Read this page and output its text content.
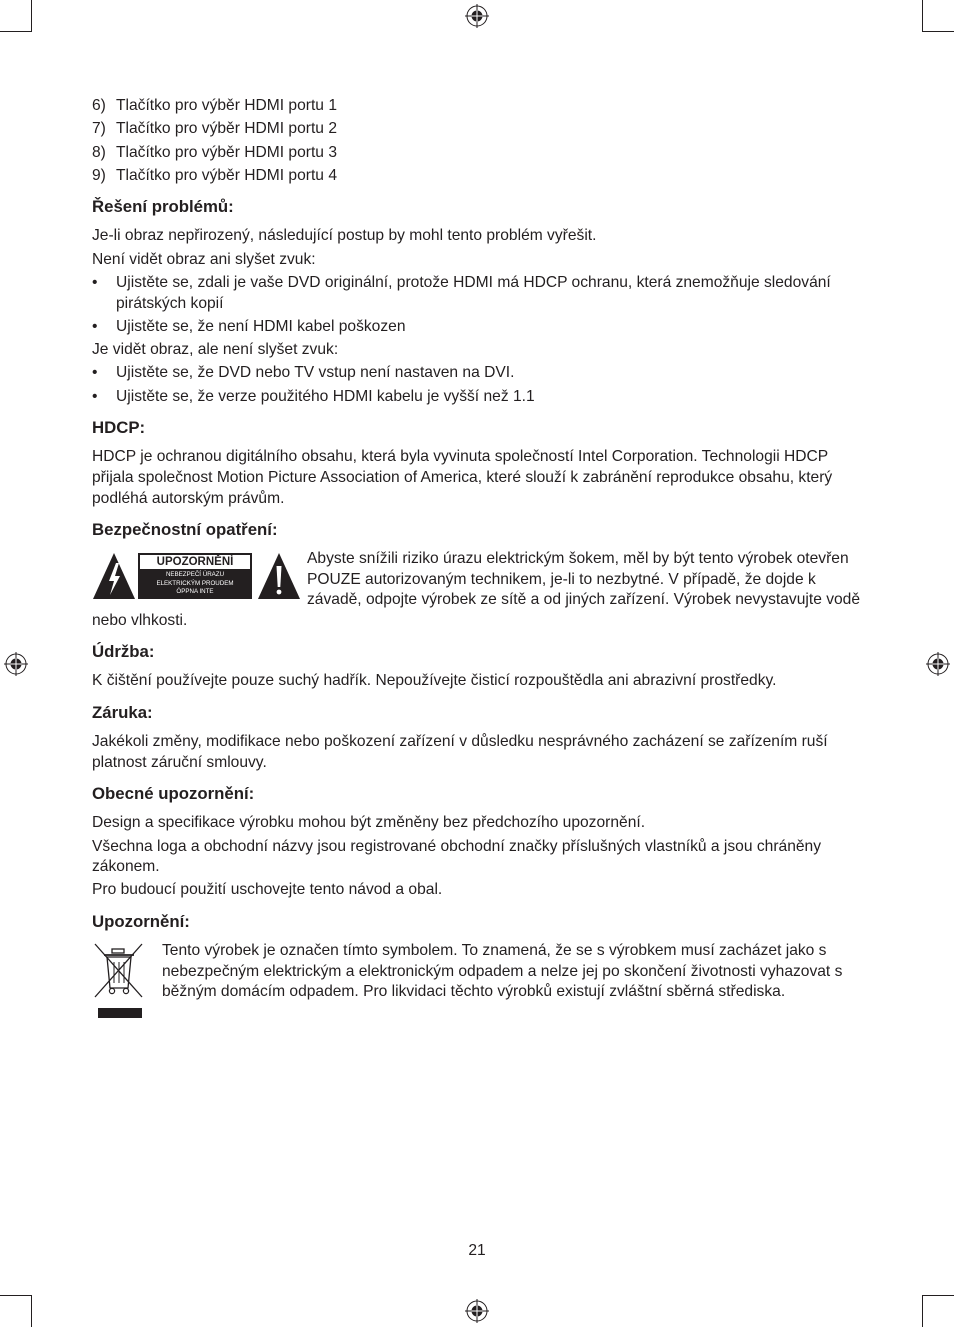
6) Tlačítko pro výběr HDMI portu 1
7) Tlačítko pro výběr HDMI portu 2
8) Tlačítko pro výběr HDMI portu 3
9) Tlačítko pro výběr HDMI portu 4
Řešení problémů:

Je-li obraz nepřirozený, následující postup by mohl tento problém vyřešit.

Není vidět obraz ani slyšet zvuk:

•	Ujistěte se, zdali je vaše DVD originální, protože HDMI má HDCP ochranu, která znemožňuje sledování pirátských kopií
•	Ujistěte se, že není HDMI kabel poškozen

Je vidět obraz, ale není slyšet zvuk:

•	Ujistěte se, že DVD nebo TV vstup není nastaven na DVI.
•	Ujistěte se, že verze použitého HDMI kabelu je vyšší než 1.1
HDCP:

HDCP je ochranou digitálního obsahu, která byla vyvinuta společností Intel Corporation. Technologii HDCP přijala společnost Motion Picture Association of America, které slouží k zabránění reprodukce obsahu, který podléhá autorským právům.

Bezpečnostní opatření:
UPOZORNĚNÍ
NEBEZPEČÍ ÚRAZU
ELEKTRICKÝM PROUDEM
ÓPPNA INTE
Abyste snížili riziko úrazu elektrickým šokem, měl by být tento výrobek otevřen POUZE autorizovaným technikem, je-li to nezbytné. V případě, že dojde k závadě, odpojte výrobek ze sítě a od jiných zařízení. Výrobek nevystavujte vodě nebo vlhkosti.
Údržba:

K čištění používejte pouze suchý hadřík. Nepoužívejte čisticí rozpouštědla ani abrazivní prostředky.

Záruka:

Jakékoli změny, modifikace nebo poškození zařízení v důsledku nesprávného zacházení se zařízením ruší platnost záruční smlouvy.

Obecné upozornění:

Design a specifikace výrobku mohou být změněny bez předchozího upozornění.

Všechna loga a obchodní názvy jsou registrované obchodní značky příslušných vlastníků a jsou chráněny zákonem.

Pro budoucí použití uschovejte tento návod a obal.

Upozornění:
Tento výrobek je označen tímto symbolem. To znamená, že se s výrobkem musí zacházet jako s nebezpečným elektrickým a elektronickým odpadem a nelze jej po skončení životnosti vyhazovat s běžným domácím odpadem. Pro likvidaci těchto výrobků existují zvláštní sběrná střediska.
21
